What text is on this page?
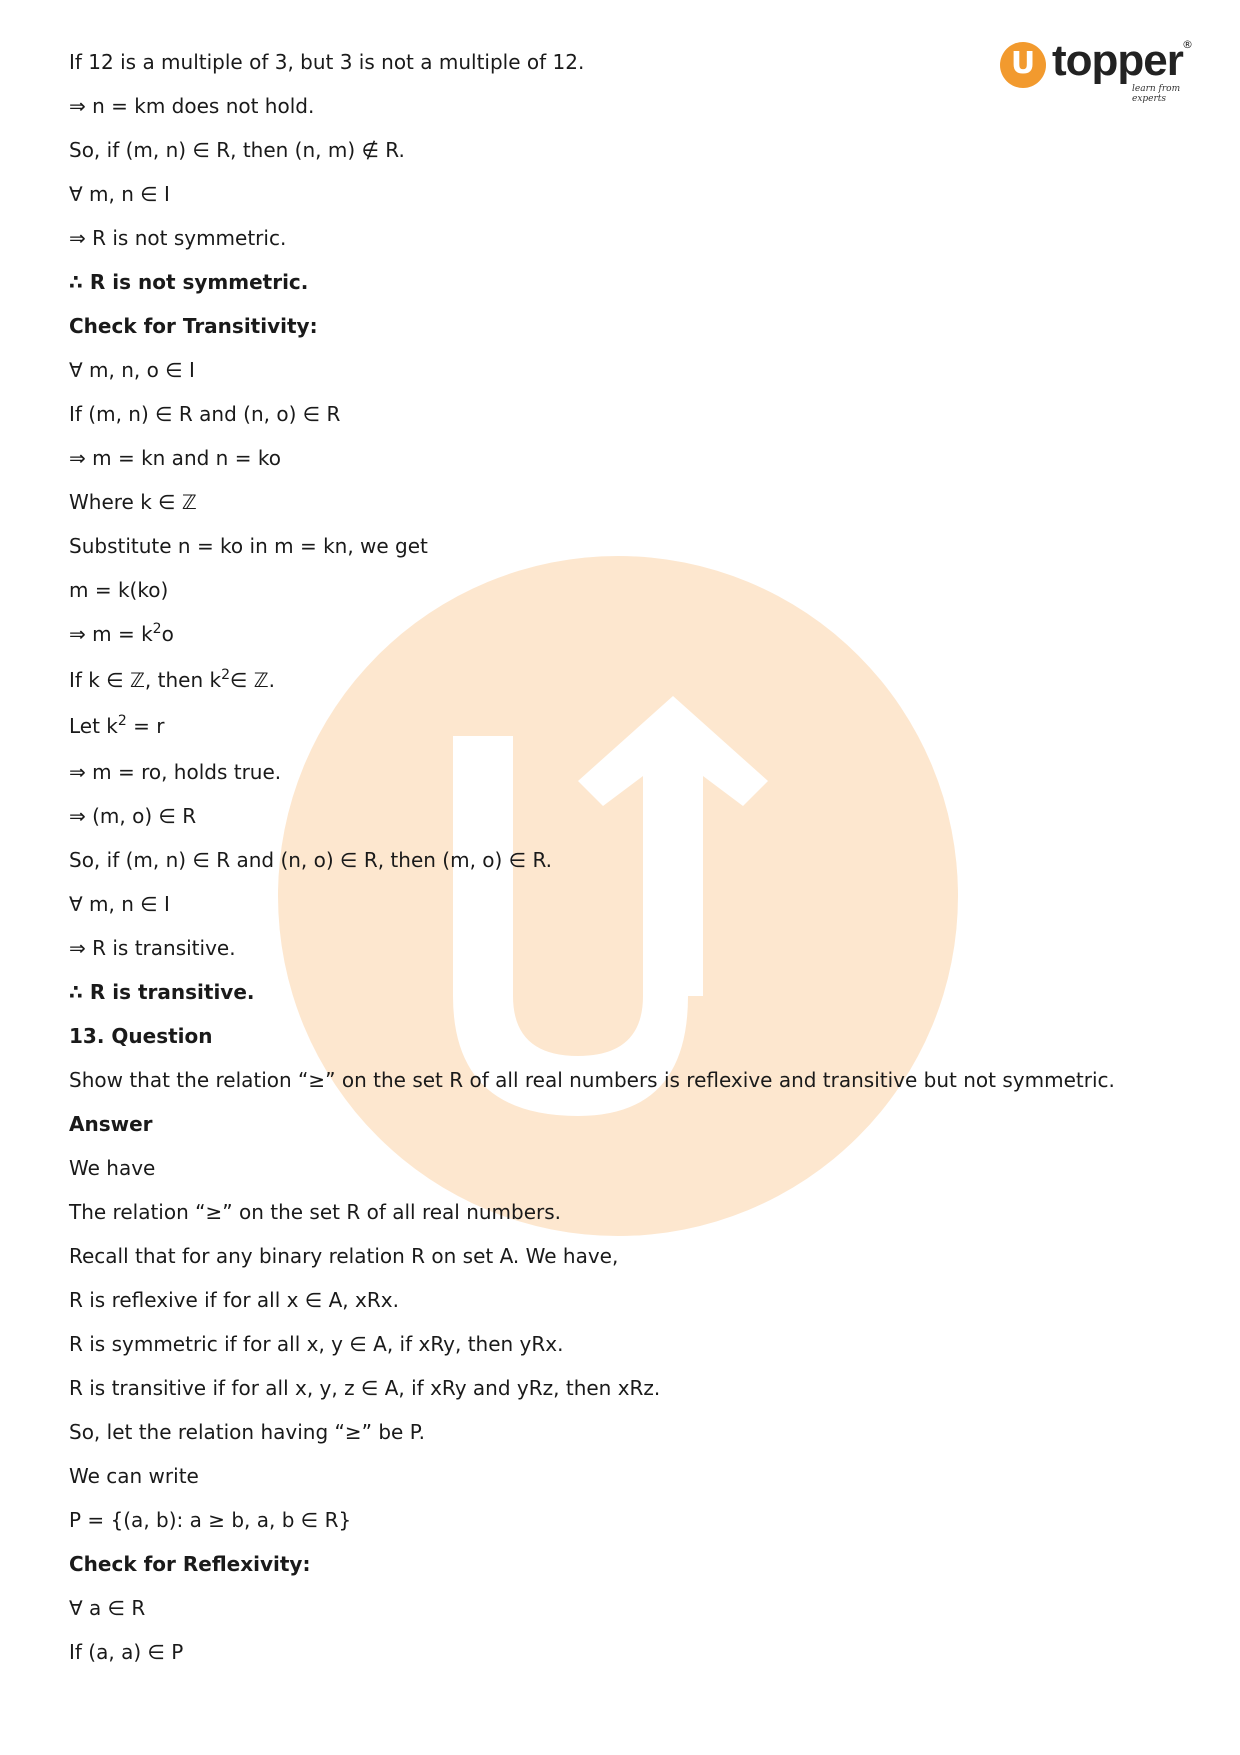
U topper ®
learn from experts
If 12 is a multiple of 3, but 3 is not a multiple of 12.
⇒ n = km does not hold.
So, if (m, n) ∈ R, then (n, m) ∉ R.
∀ m, n ∈ I
⇒ R is not symmetric.
∴ R is not symmetric.
Check for Transitivity:
∀ m, n, o ∈ I
If (m, n) ∈ R and (n, o) ∈ R
⇒ m = kn and n = ko
Where k ∈ ℤ
Substitute n = ko in m = kn, we get
m = k(ko)
⇒ $m = k^2o$
If k ∈ ℤ, then $k^2\in$ ℤ.
Let $k^2 = r$
⇒ m = ro, holds true.
⇒ (m, o) ∈ R
So, if (m, n) ∈ R and (n, o) ∈ R, then (m, o) ∈ R.
∀ m, n ∈ I
⇒ R is transitive.
∴ R is transitive.
13. Question
Show that the relation “≥” on the set R of all real numbers is reflexive and transitive but not symmetric.
Answer
We have
The relation “≥” on the set R of all real numbers.
Recall that for any binary relation R on set A. We have,
R is reflexive if for all x ∈ A, xRx.
R is symmetric if for all x, y ∈ A, if xRy, then yRx.
R is transitive if for all x, y, z ∈ A, if xRy and yRz, then xRz.
So, let the relation having “≥” be P.
We can write
P = {(a, b): a ≥ b, a, b ∈ R}
Check for Reflexivity:
∀ a ∈ R
If (a, a) ∈ P
